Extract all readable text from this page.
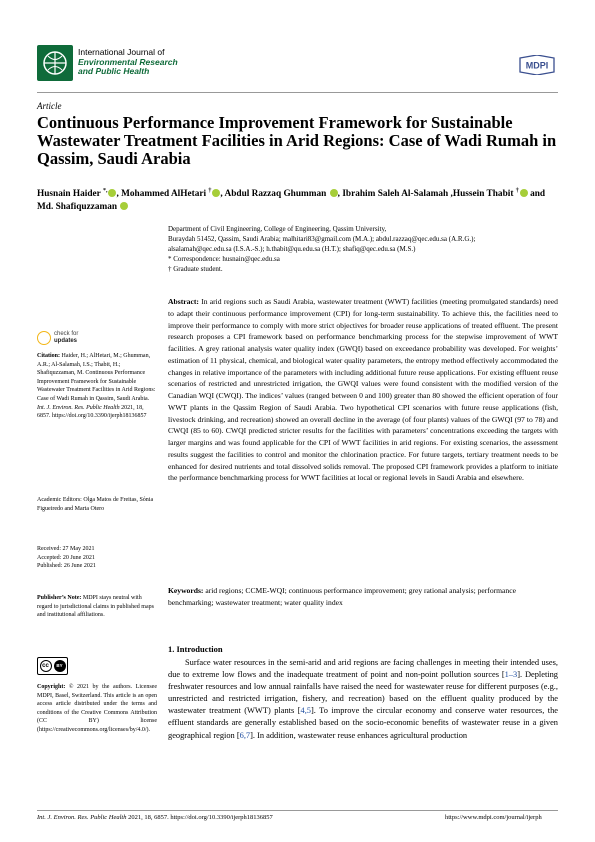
International Journal of
Environmental Research
and Public Health
MDPI
Article
Continuous Performance Improvement Framework for Sustainable Wastewater Treatment Facilities in Arid Regions: Case of Wadi Rumah in Qassim, Saudi Arabia
Husnain Haider *, , Mohammed AlHetari † , Abdul Razzaq Ghumman , Ibrahim Saleh Al-Salamah ,Hussein Thabit † and Md. Shafiquzzaman
Department of Civil Engineering, College of Engineering, Qassim University,
Buraydah 51452, Qassim, Saudi Arabia; malhitari83@gmail.com (M.A.); abdul.razzaq@qec.edu.sa (A.R.G.);
alsalamah@qec.edu.sa (I.S.A.-S.); h.thabit@qu.edu.sa (H.T.); shafiq@qec.edu.sa (M.S.)
* Correspondence: husnain@qec.edu.sa
† Graduate student.
Abstract: In arid regions such as Saudi Arabia, wastewater treatment (WWT) facilities (meeting promulgated standards) need to adapt their continuous performance improvement (CPI) for long-term sustainability. To achieve this, the facilities need to improve their performance to comply with more strict objectives for broader reuse applications of treated effluent. The present research proposes a CPI framework based on performance benchmarking process for the stepwise improvement of WWT facilities. A grey rational analysis water quality index (GWQI) based on exceedance probability was developed. For weights’ estimation of 11 physical, chemical, and biological water quality parameters, the entropy method effectively accommodated the changes in relative importance of the parameters with including additional future reuse applications. For existing effluent reuse scenarios of restricted and unrestricted irrigation, the GWQI values were found consistent with the modified version of the Canadian WQI (CWQI). The indices’ values (ranged between 0 and 100) greater than 80 showed the efficient operation of four WWT plants in the Qassim Region of Saudi Arabia. Two hypothetical CPI scenarios with future reuse applications (fish, livestock drinking, and recreation) showed an overall decline in the average (of four plants) values of the GWQI (97 to 78) and CWQI (85 to 60). CWQI predicted stricter results for the facilities with parameters’ concentrations exceeding the targets with larger margins and was found applicable for the CPI of WWT facilities in arid regions. For existing scenarios, the assessment results suggest the facilities to control and monitor the chlorination practice. For future targets, tertiary treatment needs to be enhanced for desired nutrients and total dissolved solids removal. The proposed CPI framework provides a platform to initiate the performance benchmarking process for WWT facilities at local or regional levels in Saudi Arabia and elsewhere.
Keywords: arid regions; CCME-WQI; continuous performance improvement; grey rational analysis; performance benchmarking; wastewater treatment; water quality index
1. Introduction
Surface water resources in the semi-arid and arid regions are facing challenges in meeting their intended uses, due to extreme low flows and the inadequate treatment of point and non-point pollution sources [1–3]. Depleting freshwater resources and low annual rainfalls have raised the need for wastewater reuse for different purposes (e.g., unrestricted and restricted irrigation, fishery, and recreation) based on the effluent quality produced by the wastewater treatment (WWT) plants [4,5]. To improve the circular economy and conserve water resources, the effluent standards are generally established based on the socio-economic benefits of wastewater reuse in a given geographical region [6,7]. In addition, wastewater reuse enhances agricultural production
check for
updates
Citation: Haider, H.; AlHetari, M.; Ghumman, A.R.; Al-Salamah, I.S.; Thabit, H.; Shafiquzzaman, M. Continuous Performance Improvement Framework for Sustainable Wastewater Treatment Facilities in Arid Regions: Case of Wadi Rumah in Qassim, Saudi Arabia. Int. J. Environ. Res. Public Health 2021, 18, 6857. https://doi.org/10.3390/ijerph18136857
Academic Editors: Olga Matos de Freitas, Sónia Figueiredo and Marta Otero
Received: 27 May 2021
Accepted: 20 June 2021
Published: 26 June 2021
Publisher’s Note: MDPI stays neutral with regard to jurisdictional claims in published maps and institutional affiliations.
cc	BY
Copyright: © 2021 by the authors. Licensee MDPI, Basel, Switzerland. This article is an open access article distributed under the terms and conditions of the Creative Commons Attribution (CC BY) license (https://creativecommons.org/licenses/by/4.0/).
Int. J. Environ. Res. Public Health 2021, 18, 6857. https://doi.org/10.3390/ijerph18136857	https://www.mdpi.com/journal/ijerph
